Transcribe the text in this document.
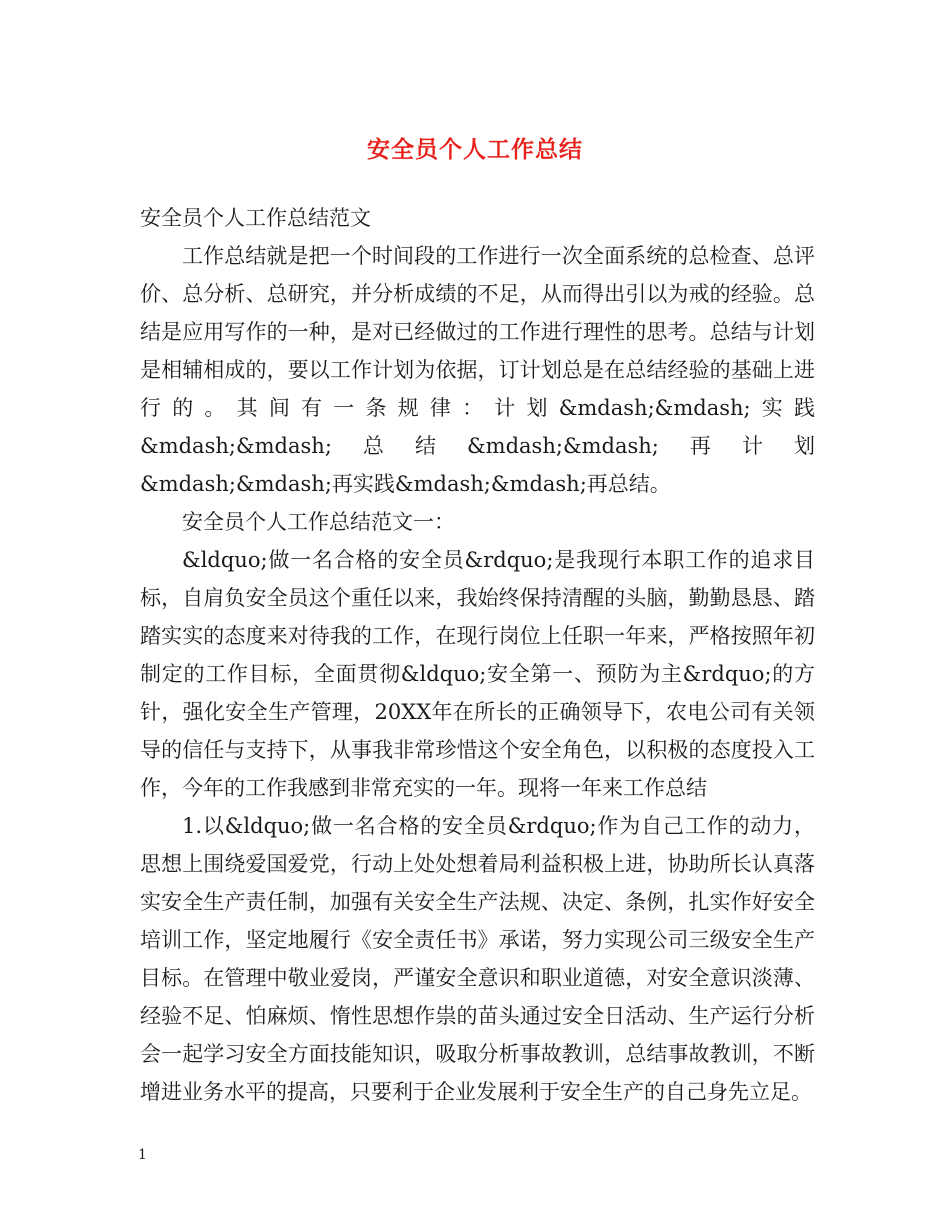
安全员个人工作总结

安全员个人工作总结范文

工作总结就是把一个时间段的工作进行一次全面系统的总检查、总评价、总分析、总研究，并分析成绩的不足，从而得出引以为戒的经验。总结是应用写作的一种，是对已经做过的工作进行理性的思考。总结与计划是相辅相成的，要以工作计划为依据，订计划总是在总结经验的基础上进行的。其间有一条规律：计划&mdash;&mdash;实践&mdash;&mdash;总结&mdash;&mdash;再计划&mdash;&mdash;再实践&mdash;&mdash;再总结。

安全员个人工作总结范文一：

&ldquo;做一名合格的安全员&rdquo;是我现行本职工作的追求目标，自肩负安全员这个重任以来，我始终保持清醒的头脑，勤勤恳恳、踏踏实实的态度来对待我的工作，在现行岗位上任职一年来，严格按照年初制定的工作目标，全面贯彻&ldquo;安全第一、预防为主&rdquo;的方针，强化安全生产管理，20XX年在所长的正确领导下，农电公司有关领导的信任与支持下，从事我非常珍惜这个安全角色，以积极的态度投入工作，今年的工作我感到非常充实的一年。现将一年来工作总结

1.以&ldquo;做一名合格的安全员&rdquo;作为自己工作的动力，思想上围绕爱国爱党，行动上处处想着局利益积极上进，协助所长认真落实安全生产责任制，加强有关安全生产法规、决定、条例，扎实作好安全培训工作，坚定地履行《安全责任书》承诺，努力实现公司三级安全生产目标。在管理中敬业爱岗，严谨安全意识和职业道德，对安全意识淡薄、经验不足、怕麻烦、惰性思想作祟的苗头通过安全日活动、生产运行分析会一起学习安全方面技能知识，吸取分析事故教训，总结事故教训，不断增进业务水平的提高，只要利于企业发展利于安全生产的自己身先立足。

1
